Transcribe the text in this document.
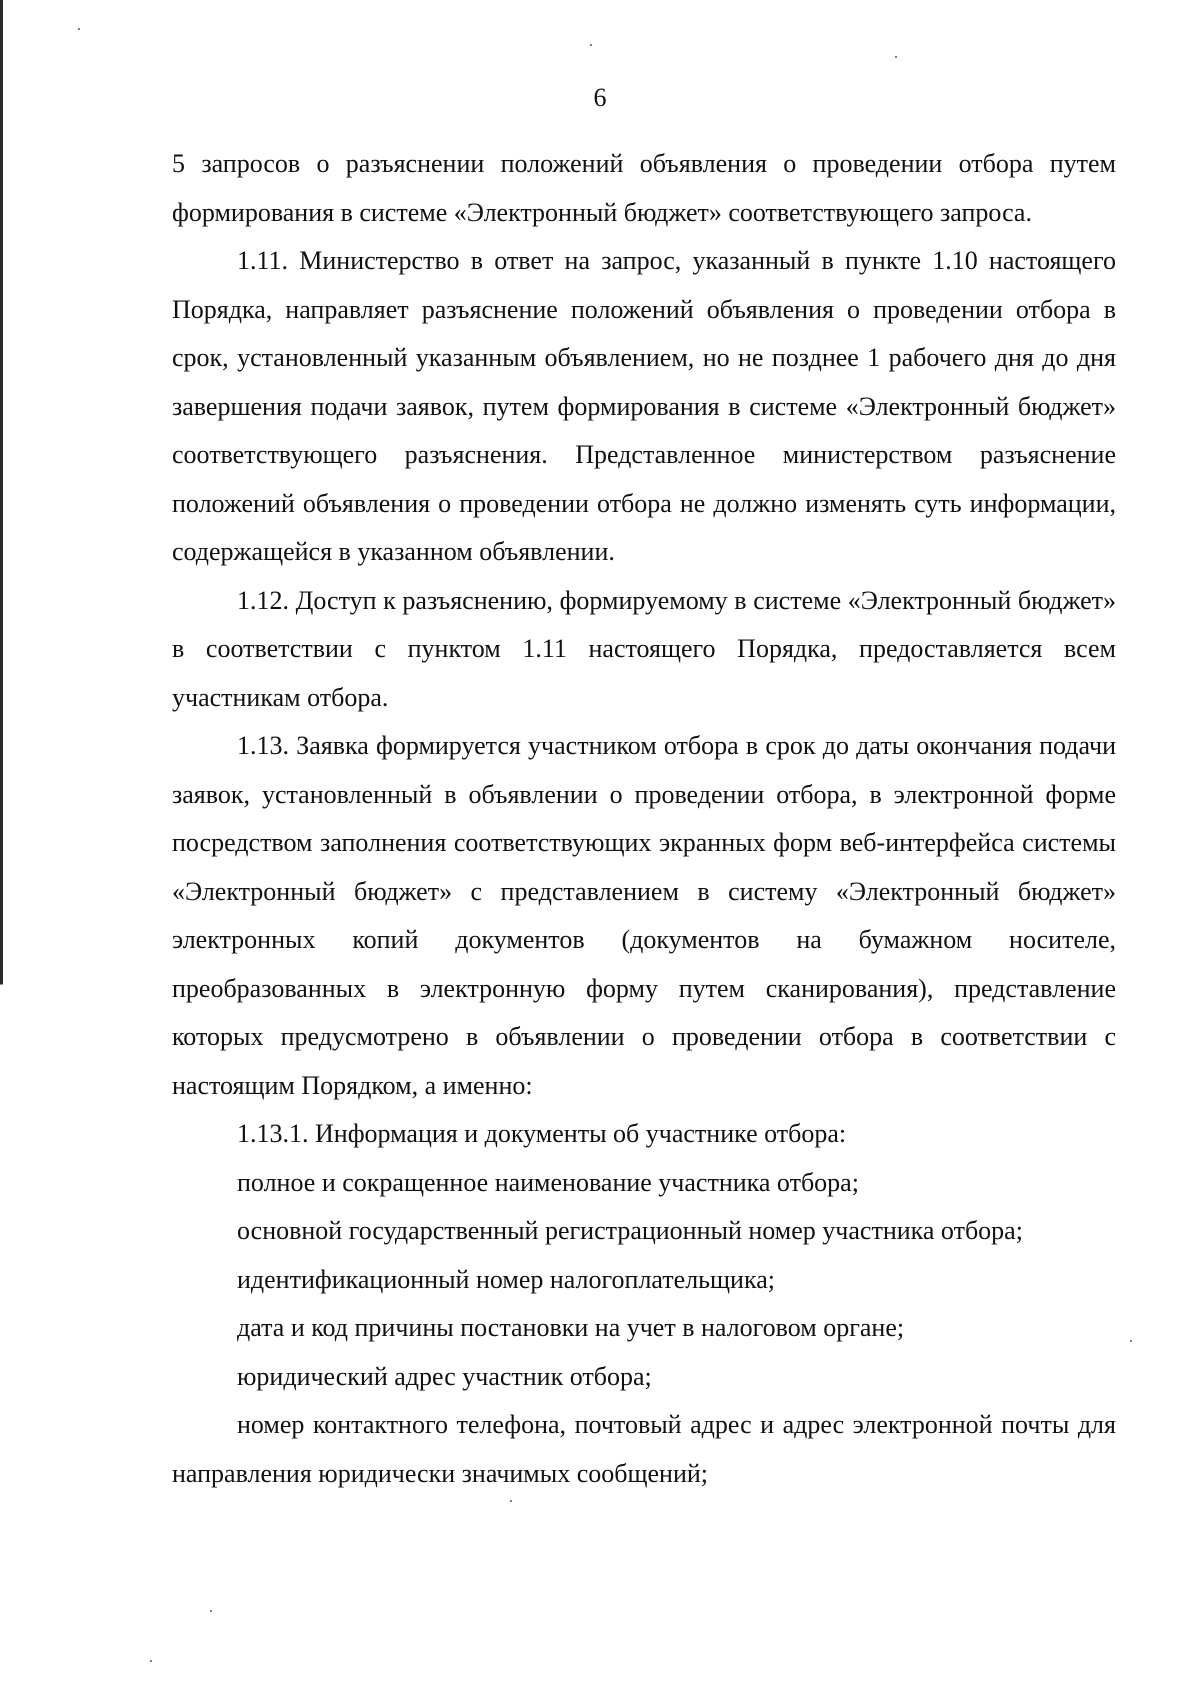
6

5 запросов о разъяснении положений объявления о проведении отбора путем формирования в системе «Электронный бюджет» соответствующего запроса.

1.11. Министерство в ответ на запрос, указанный в пункте 1.10 настоящего Порядка, направляет разъяснение положений объявления о проведении отбора в срок, установленный указанным объявлением, но не позднее 1 рабочего дня до дня завершения подачи заявок, путем формирования в системе «Электронный бюджет» соответствующего разъяснения. Представленное министерством разъяснение положений объявления о проведении отбора не должно изменять суть информации, содержащейся в указанном объявлении.

1.12. Доступ к разъяснению, формируемому в системе «Электронный бюджет» в соответствии с пунктом 1.11 настоящего Порядка, предоставляется всем участникам отбора.

1.13. Заявка формируется участником отбора в срок до даты окончания подачи заявок, установленный в объявлении о проведении отбора, в электронной форме посредством заполнения соответствующих экранных форм веб-интерфейса системы «Электронный бюджет» с представлением в систему «Электронный бюджет» электронных копий документов (документов на бумажном носителе, преобразованных в электронную форму путем сканирования), представление которых предусмотрено в объявлении о проведении отбора в соответствии с настоящим Порядком, а именно:

1.13.1. Информация и документы об участнике отбора:

полное и сокращенное наименование участника отбора;

основной государственный регистрационный номер участника отбора;

идентификационный номер налогоплательщика;

дата и код причины постановки на учет в налоговом органе;

юридический адрес участник отбора;

номер контактного телефона, почтовый адрес и адрес электронной почты для направления юридически значимых сообщений;
